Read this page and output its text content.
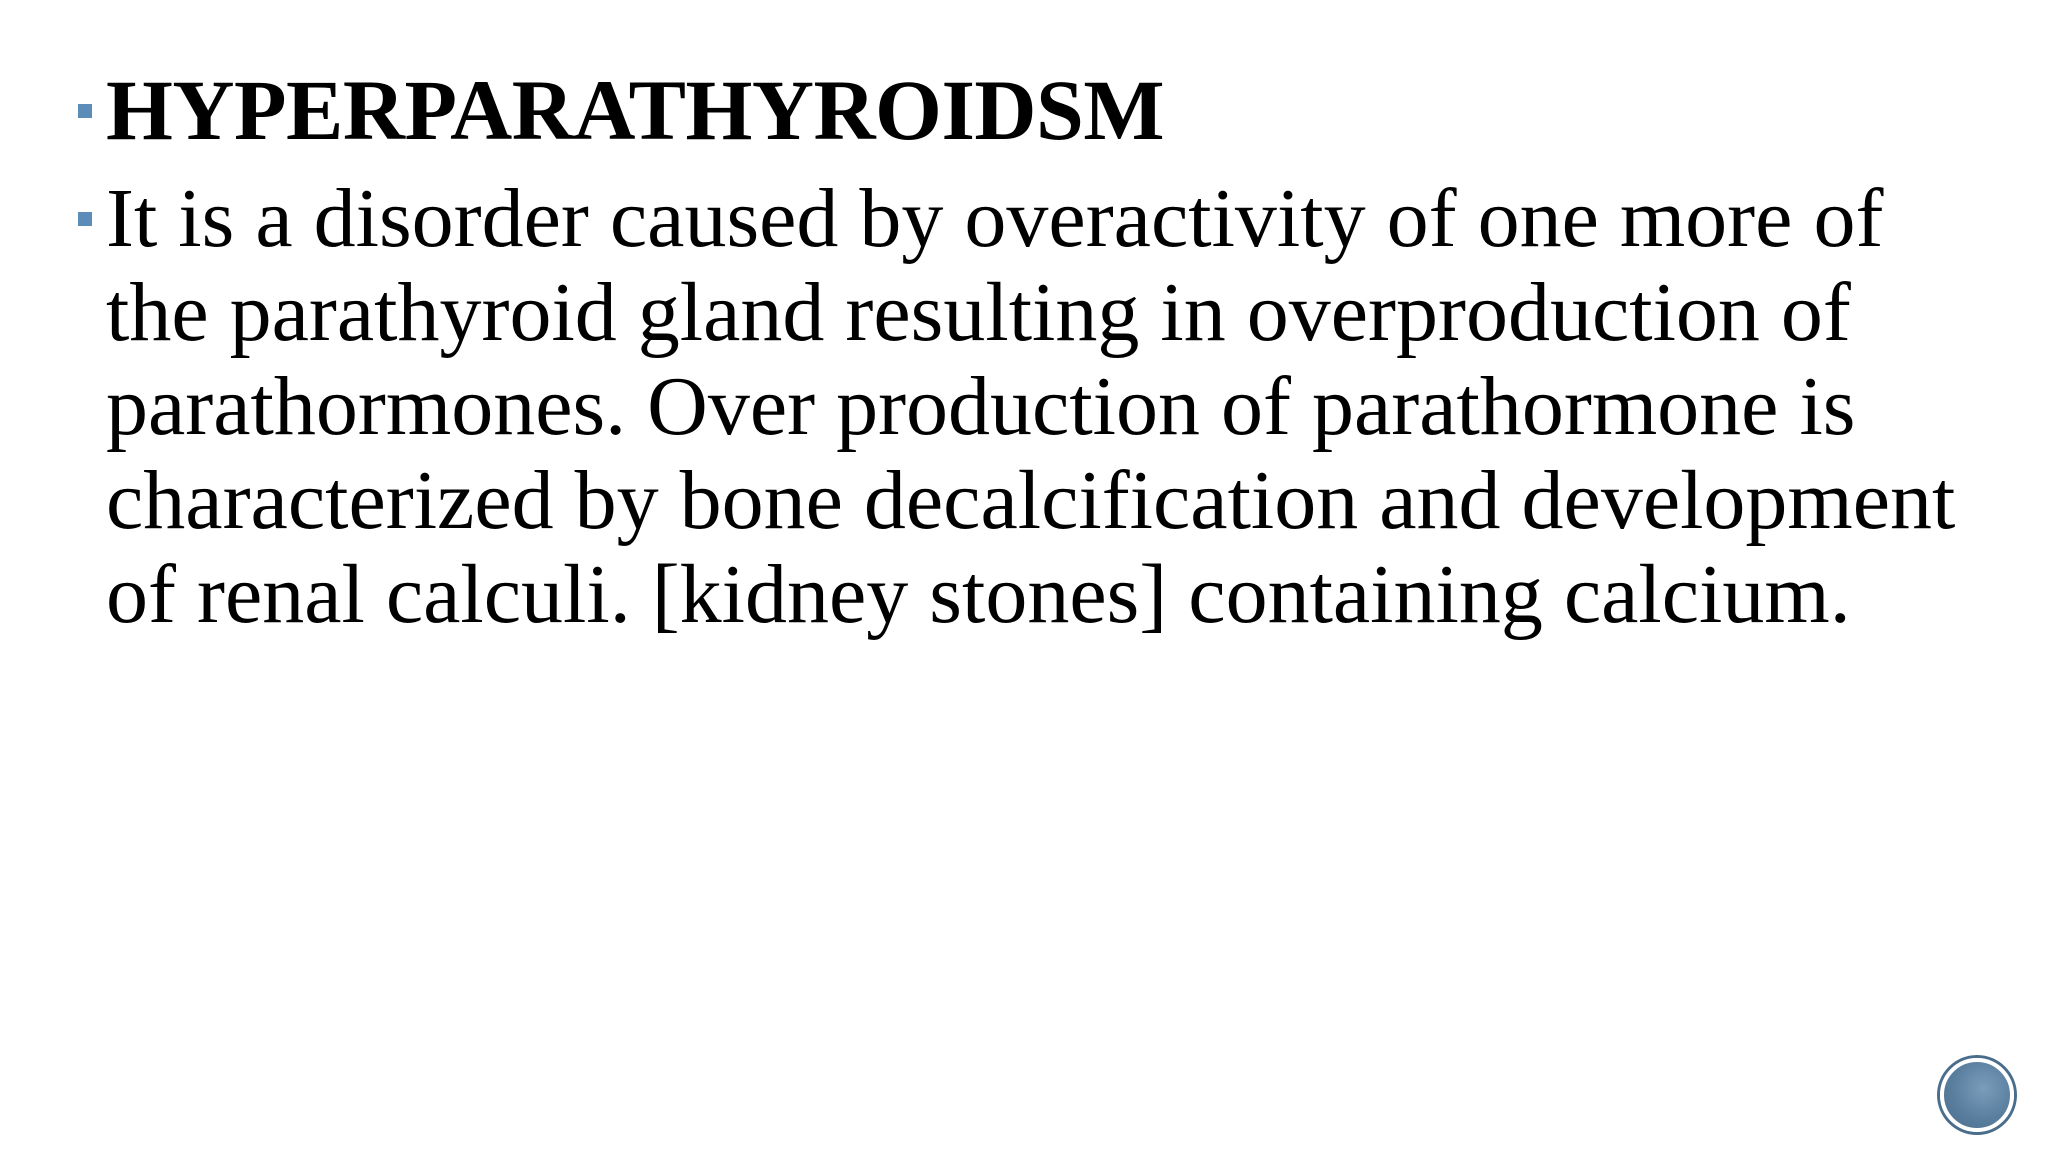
HYPERPARATHYROIDSM
It is a disorder caused by overactivity of one more of the parathyroid gland resulting in overproduction of parathormones. Over production of parathormone is characterized by bone decalcification and development of renal calculi. [kidney stones] containing calcium.
